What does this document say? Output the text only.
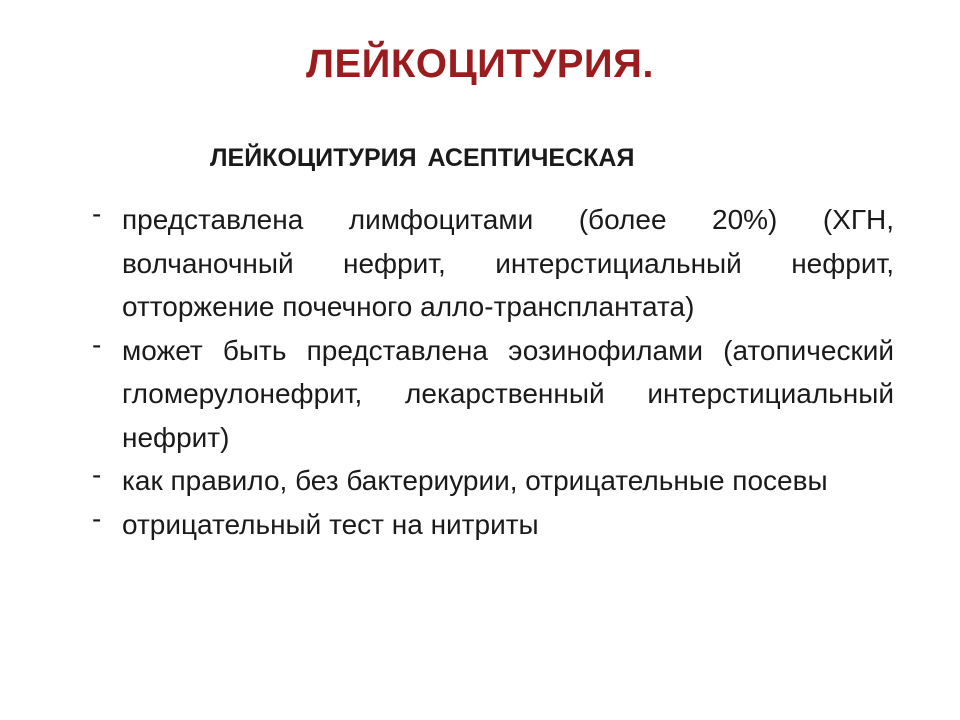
ЛЕЙКОЦИТУРИЯ.
ЛЕЙКОЦИТУРИЯ АСЕПТИЧЕСКАЯ
- представлена лимфоцитами (более 20%) (ХГН, волчаночный нефрит, интерстициальный нефрит, отторжение почечного алло-трансплантата)
- может быть представлена эозинофилами (атопический гломерулонефрит, лекарственный интерстициальный нефрит)
- как правило, без бактериурии, отрицательные посевы
- отрицательный тест на нитриты
